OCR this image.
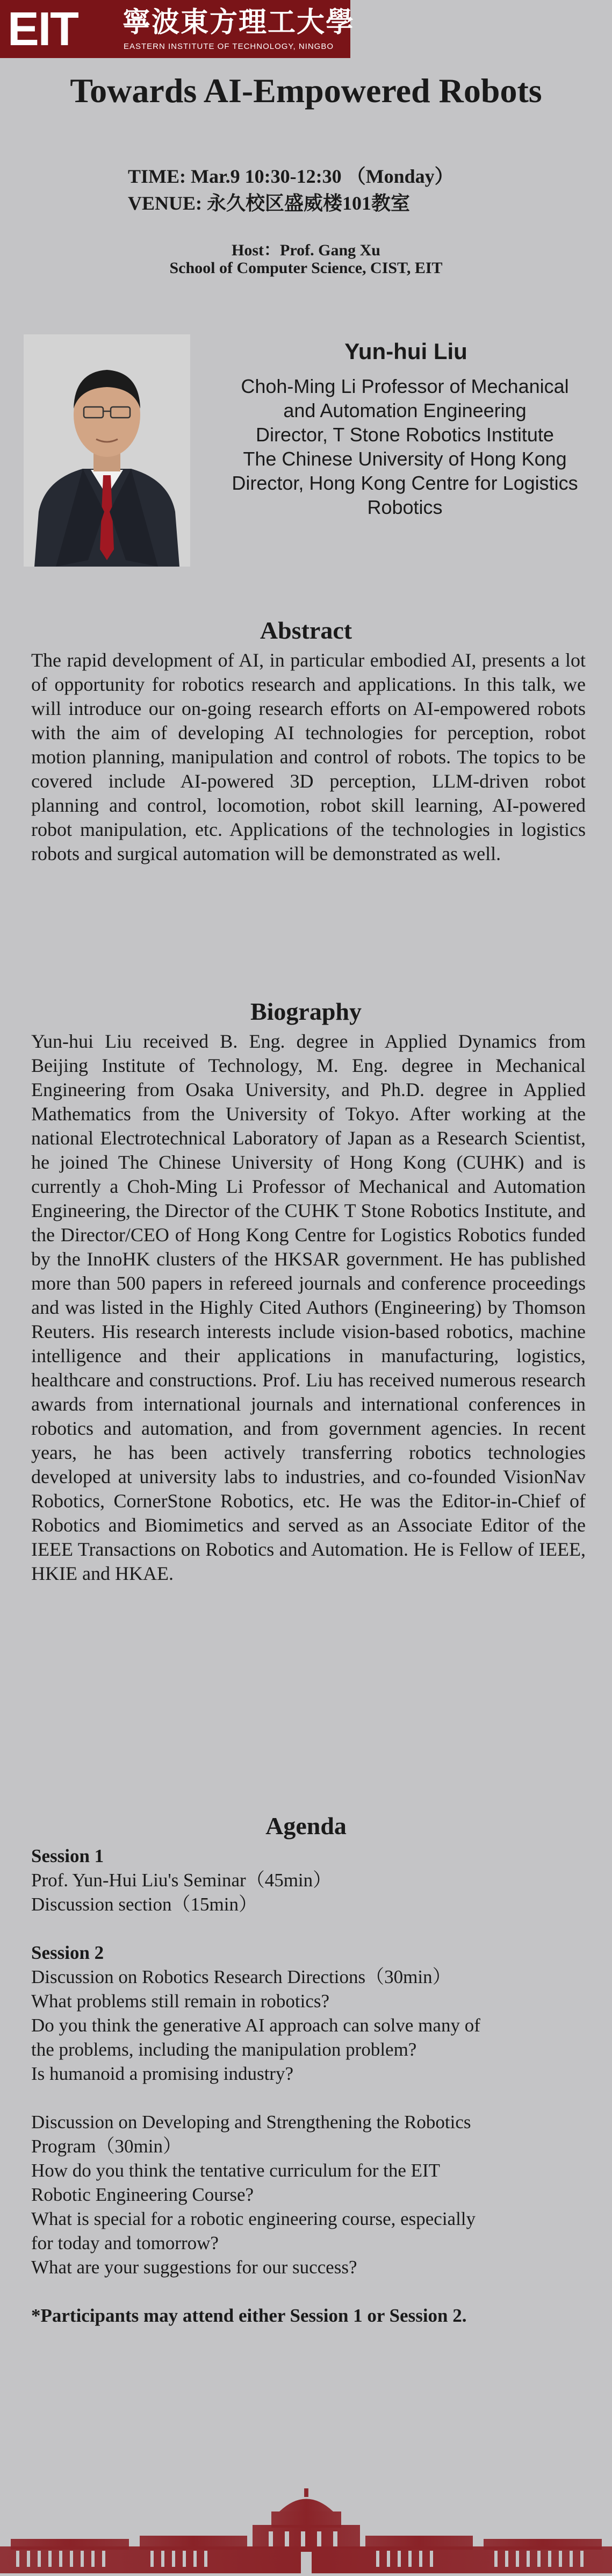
EIT 寧波東方理工大學
EASTERN INSTITUTE OF TECHNOLOGY, NINGBO
Towards AI-Empowered Robots
TIME: Mar.9 10:30-12:30 （Monday）
VENUE: 永久校区盛威楼101教室
Host：Prof. Gang Xu
School of Computer Science, CIST, EIT
Yun-hui Liu
Choh-Ming Li Professor of Mechanical
and Automation Engineering
Director, T Stone Robotics Institute
The Chinese University of Hong Kong
Director, Hong Kong Centre for Logistics
Robotics
Abstract
The rapid development of AI, in particular embodied AI, presents a lot of opportunity for robotics research and applications. In this talk, we will introduce our on-going research efforts on AI-empowered robots with the aim of developing AI technologies for perception, robot motion planning, manipulation and control of robots. The topics to be covered include AI-powered 3D perception, LLM-driven robot planning and control, locomotion, robot skill learning, AI-powered robot manipulation, etc. Applications of the technologies in logistics robots and surgical automation will be demonstrated as well.
Biography
Yun-hui Liu received B. Eng. degree in Applied Dynamics from Beijing Institute of Technology, M. Eng. degree in Mechanical Engineering from Osaka University, and Ph.D. degree in Applied Mathematics from the University of Tokyo. After working at the national Electrotechnical Laboratory of Japan as a Research Scientist, he joined The Chinese University of Hong Kong (CUHK) and is currently a Choh-Ming Li Professor of Mechanical and Automation Engineering, the Director of the CUHK T Stone Robotics Institute, and the Director/CEO of Hong Kong Centre for Logistics Robotics funded by the InnoHK clusters of the HKSAR government. He has published more than 500 papers in refereed journals and conference proceedings and was listed in the Highly Cited Authors (Engineering) by Thomson Reuters. His research interests include vision-based robotics, machine intelligence and their applications in manufacturing, logistics, healthcare and constructions. Prof. Liu has received numerous research awards from international journals and international conferences in robotics and automation, and from government agencies. In recent years, he has been actively transferring robotics technologies developed at university labs to industries, and co-founded VisionNav Robotics, CornerStone Robotics, etc. He was the Editor-in-Chief of Robotics and Biomimetics and served as an Associate Editor of the IEEE Transactions on Robotics and Automation. He is Fellow of IEEE, HKIE and HKAE.
Agenda
Session 1
Prof. Yun-Hui Liu's Seminar（45min）
Discussion section（15min）
Session 2
Discussion on Robotics Research Directions（30min）
What problems still remain in robotics?
Do you think the generative AI approach can solve many of
the problems, including the manipulation problem?
Is humanoid a promising industry?
Discussion on Developing and Strengthening the Robotics
Program（30min）
How do you think the tentative curriculum for the EIT
Robotic Engineering Course?
What is special for a robotic engineering course, especially
for today and tomorrow?
What are your suggestions for our success?
*Participants may attend either Session 1 or Session 2.
